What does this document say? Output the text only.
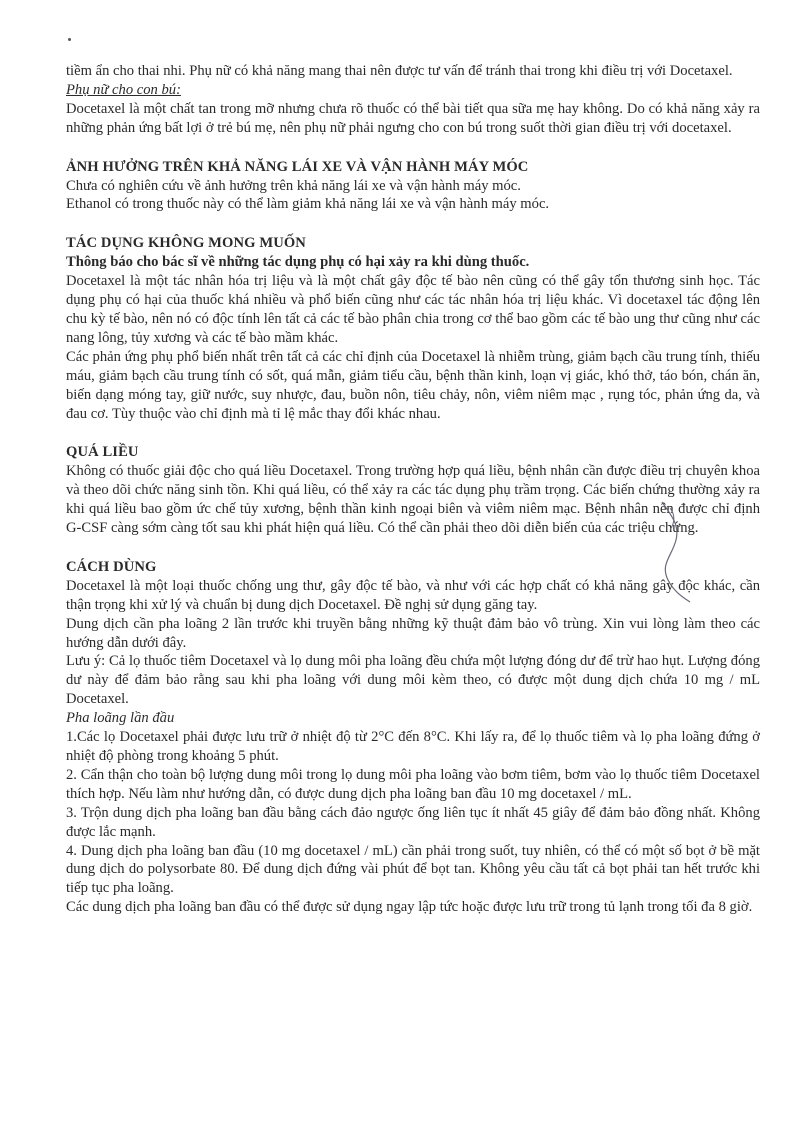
tiềm ẩn cho thai nhi. Phụ nữ có khả năng mang thai nên được tư vấn để tránh thai trong khi điều trị với Docetaxel.

Phụ nữ cho con bú:

Docetaxel là một chất tan trong mỡ nhưng chưa rõ thuốc có thể bài tiết qua sữa mẹ hay không. Do có khả năng xảy ra những phản ứng bất lợi ở trẻ bú mẹ, nên phụ nữ phải ngưng cho con bú trong suốt thời gian điều trị với docetaxel.

ẢNH HƯỞNG TRÊN KHẢ NĂNG LÁI XE VÀ VẬN HÀNH MÁY MÓC

Chưa có nghiên cứu về ảnh hưởng trên khả năng lái xe và vận hành máy móc.

Ethanol có trong thuốc này có thể làm giảm khả năng lái xe và vận hành máy móc.

TÁC DỤNG KHÔNG MONG MUỐN

Thông báo cho bác sĩ về những tác dụng phụ có hại xảy ra khi dùng thuốc.

Docetaxel là một tác nhân hóa trị liệu và là một chất gây độc tế bào nên cũng có thể gây tổn thương sinh học. Tác dụng phụ có hại của thuốc khá nhiều và phổ biến cũng như các tác nhân hóa trị liệu khác. Vì docetaxel tác động lên chu kỳ tế bào, nên nó có độc tính lên tất cả các tế bào phân chia trong cơ thể bao gồm các tế bào ung thư cũng như các nang lông, tủy xương và các tế bào mầm khác.

Các phản ứng phụ phổ biến nhất trên tất cả các chỉ định của Docetaxel là nhiễm trùng, giảm bạch cầu trung tính, thiếu máu, giảm bạch cầu trung tính có sốt, quá mẫn, giảm tiểu cầu, bệnh thần kinh, loạn vị giác, khó thở, táo bón, chán ăn, biến dạng móng tay, giữ nước, suy nhược, đau, buồn nôn, tiêu chảy, nôn, viêm niêm mạc , rụng tóc, phản ứng da, và đau cơ. Tùy thuộc vào chỉ định mà tỉ lệ mắc thay đổi khác nhau.

QUÁ LIỀU

Không có thuốc giải độc cho quá liều Docetaxel. Trong trường hợp quá liều, bệnh nhân cần được điều trị chuyên khoa và theo dõi chức năng sinh tồn. Khi quá liều, có thể xảy ra các tác dụng phụ trầm trọng. Các biến chứng thường xảy ra khi quá liều bao gồm ức chế tủy xương, bệnh thần kinh ngoại biên và viêm niêm mạc. Bệnh nhân nên được chỉ định G-CSF càng sớm càng tốt sau khi phát hiện quá liều. Có thể cần phải theo dõi diễn biến của các triệu chứng.

CÁCH DÙNG

Docetaxel là một loại thuốc chống ung thư, gây độc tế bào, và như với các hợp chất có khả năng gây độc khác, cần thận trọng khi xử lý và chuẩn bị dung dịch Docetaxel. Đề nghị sử dụng găng tay.

Dung dịch cần pha loãng 2 lần trước khi truyền bằng những kỹ thuật đảm bảo vô trùng. Xin vui lòng làm theo các hướng dẫn dưới đây.

Lưu ý: Cả lọ thuốc tiêm Docetaxel và lọ dung môi pha loãng đều chứa một lượng đóng dư để trừ hao hụt. Lượng đóng dư này để đảm bảo rằng sau khi pha loãng với dung môi kèm theo, có được một dung dịch chứa 10 mg / mL Docetaxel.

Pha loãng lần đầu

1.Các lọ Docetaxel phải được lưu trữ ở nhiệt độ từ 2°C đến 8°C. Khi lấy ra, để lọ thuốc tiêm và lọ pha loãng đứng ở nhiệt độ phòng trong khoảng 5 phút.

2. Cẩn thận cho toàn bộ lượng dung môi trong lọ dung môi pha loãng vào bơm tiêm, bơm vào lọ thuốc tiêm Docetaxel thích hợp. Nếu làm như hướng dẫn, có được dung dịch pha loãng ban đầu 10 mg docetaxel / mL.

3. Trộn dung dịch pha loãng ban đầu bằng cách đảo ngược ống liên tục ít nhất 45 giây để đảm bảo đồng nhất. Không được lắc mạnh.

4. Dung dịch pha loãng ban đầu (10 mg docetaxel / mL) cần phải trong suốt, tuy nhiên, có thể có một số bọt ở bề mặt dung dịch do polysorbate 80. Để dung dịch đứng vài phút để bọt tan. Không yêu cầu tất cả bọt phải tan hết trước khi tiếp tục pha loãng.

Các dung dịch pha loãng ban đầu có thể được sử dụng ngay lập tức hoặc được lưu trữ trong tủ lạnh trong tối đa 8 giờ.
